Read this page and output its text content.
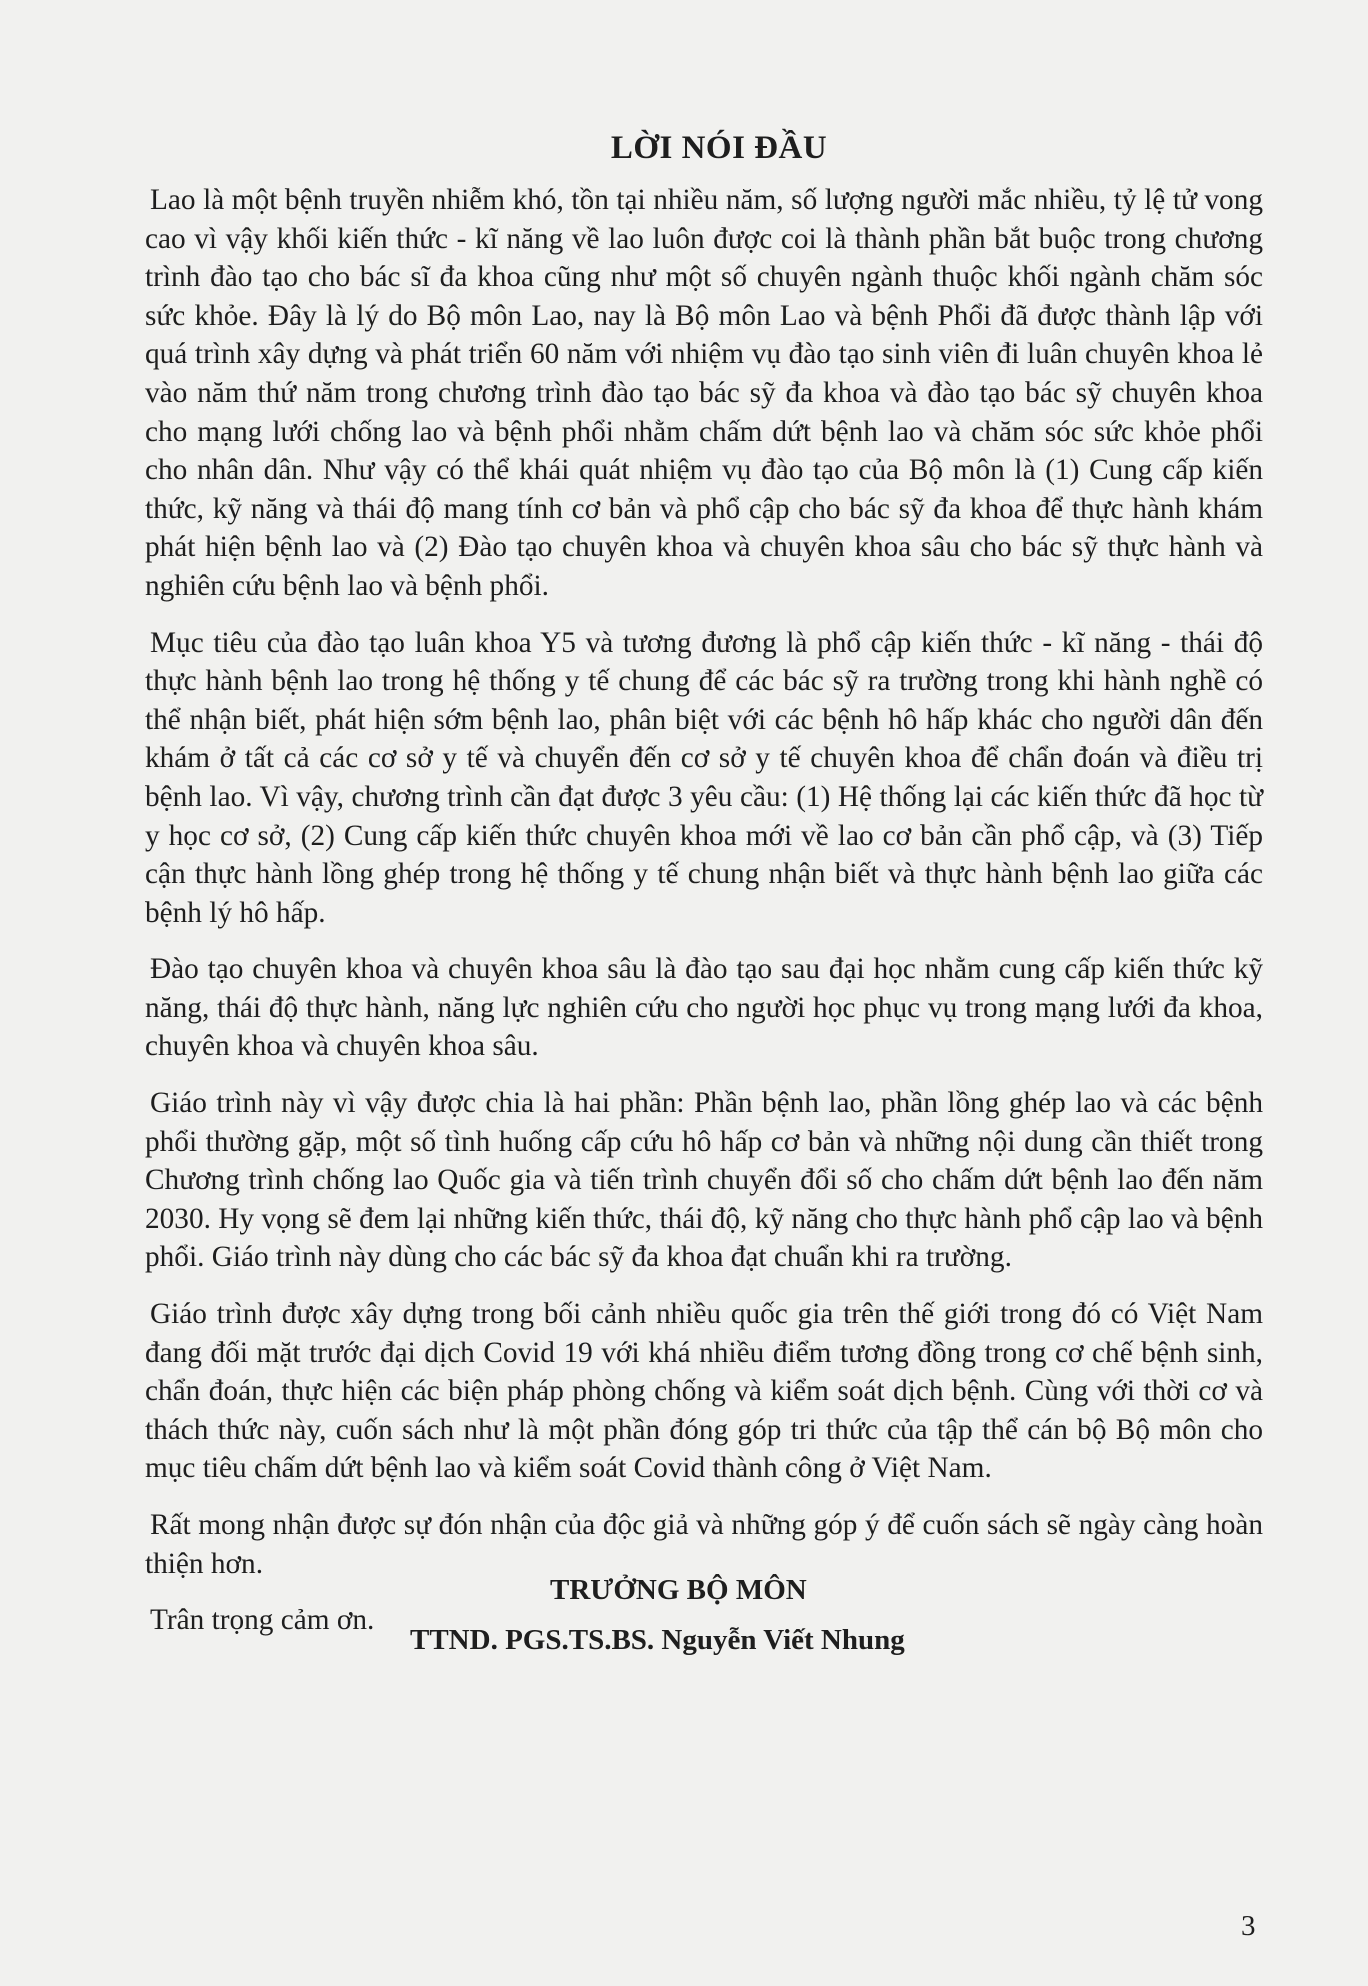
LỜI NÓI ĐẦU

Lao là một bệnh truyền nhiễm khó, tồn tại nhiều năm, số lượng người mắc nhiều, tỷ lệ tử vong cao vì vậy khối kiến thức - kĩ năng về lao luôn được coi là thành phần bắt buộc trong chương trình đào tạo cho bác sĩ đa khoa cũng như một số chuyên ngành thuộc khối ngành chăm sóc sức khỏe. Đây là lý do Bộ môn Lao, nay là Bộ môn Lao và bệnh Phổi đã được thành lập với quá trình xây dựng và phát triển 60 năm với nhiệm vụ đào tạo sinh viên đi luân chuyên khoa lẻ vào năm thứ năm trong chương trình đào tạo bác sỹ đa khoa và đào tạo bác sỹ chuyên khoa cho mạng lưới chống lao và bệnh phổi nhằm chấm dứt bệnh lao và chăm sóc sức khỏe phổi cho nhân dân. Như vậy có thể khái quát nhiệm vụ đào tạo của Bộ môn là (1) Cung cấp kiến thức, kỹ năng và thái độ mang tính cơ bản và phổ cập cho bác sỹ đa khoa để thực hành khám phát hiện bệnh lao và (2) Đào tạo chuyên khoa và chuyên khoa sâu cho bác sỹ thực hành và nghiên cứu bệnh lao và bệnh phổi.

Mục tiêu của đào tạo luân khoa Y5 và tương đương là phổ cập kiến thức - kĩ năng - thái độ thực hành bệnh lao trong hệ thống y tế chung để các bác sỹ ra trường trong khi hành nghề có thể nhận biết, phát hiện sớm bệnh lao, phân biệt với các bệnh hô hấp khác cho người dân đến khám ở tất cả các cơ sở y tế và chuyển đến cơ sở y tế chuyên khoa để chẩn đoán và điều trị bệnh lao. Vì vậy, chương trình cần đạt được 3 yêu cầu: (1) Hệ thống lại các kiến thức đã học từ y học cơ sở, (2) Cung cấp kiến thức chuyên khoa mới về lao cơ bản cần phổ cập, và (3) Tiếp cận thực hành lồng ghép trong hệ thống y tế chung nhận biết và thực hành bệnh lao giữa các bệnh lý hô hấp.

Đào tạo chuyên khoa và chuyên khoa sâu là đào tạo sau đại học nhằm cung cấp kiến thức kỹ năng, thái độ thực hành, năng lực nghiên cứu cho người học phục vụ trong mạng lưới đa khoa, chuyên khoa và chuyên khoa sâu.

Giáo trình này vì vậy được chia là hai phần: Phần bệnh lao, phần lồng ghép lao và các bệnh phổi thường gặp, một số tình huống cấp cứu hô hấp cơ bản và những nội dung cần thiết trong Chương trình chống lao Quốc gia và tiến trình chuyển đổi số cho chấm dứt bệnh lao đến năm 2030. Hy vọng sẽ đem lại những kiến thức, thái độ, kỹ năng cho thực hành phổ cập lao và bệnh phổi. Giáo trình này dùng cho các bác sỹ đa khoa đạt chuẩn khi ra trường.

Giáo trình được xây dựng trong bối cảnh nhiều quốc gia trên thế giới trong đó có Việt Nam đang đối mặt trước đại dịch Covid 19 với khá nhiều điểm tương đồng trong cơ chế bệnh sinh, chẩn đoán, thực hiện các biện pháp phòng chống và kiểm soát dịch bệnh. Cùng với thời cơ và thách thức này, cuốn sách như là một phần đóng góp tri thức của tập thể cán bộ Bộ môn cho mục tiêu chấm dứt bệnh lao và kiểm soát Covid thành công ở Việt Nam.

Rất mong nhận được sự đón nhận của độc giả và những góp ý để cuốn sách sẽ ngày càng hoàn thiện hơn.

Trân trọng cảm ơn.

TRƯỞNG BỘ MÔN

TTND. PGS.TS.BS. Nguyễn Viết Nhung

3
